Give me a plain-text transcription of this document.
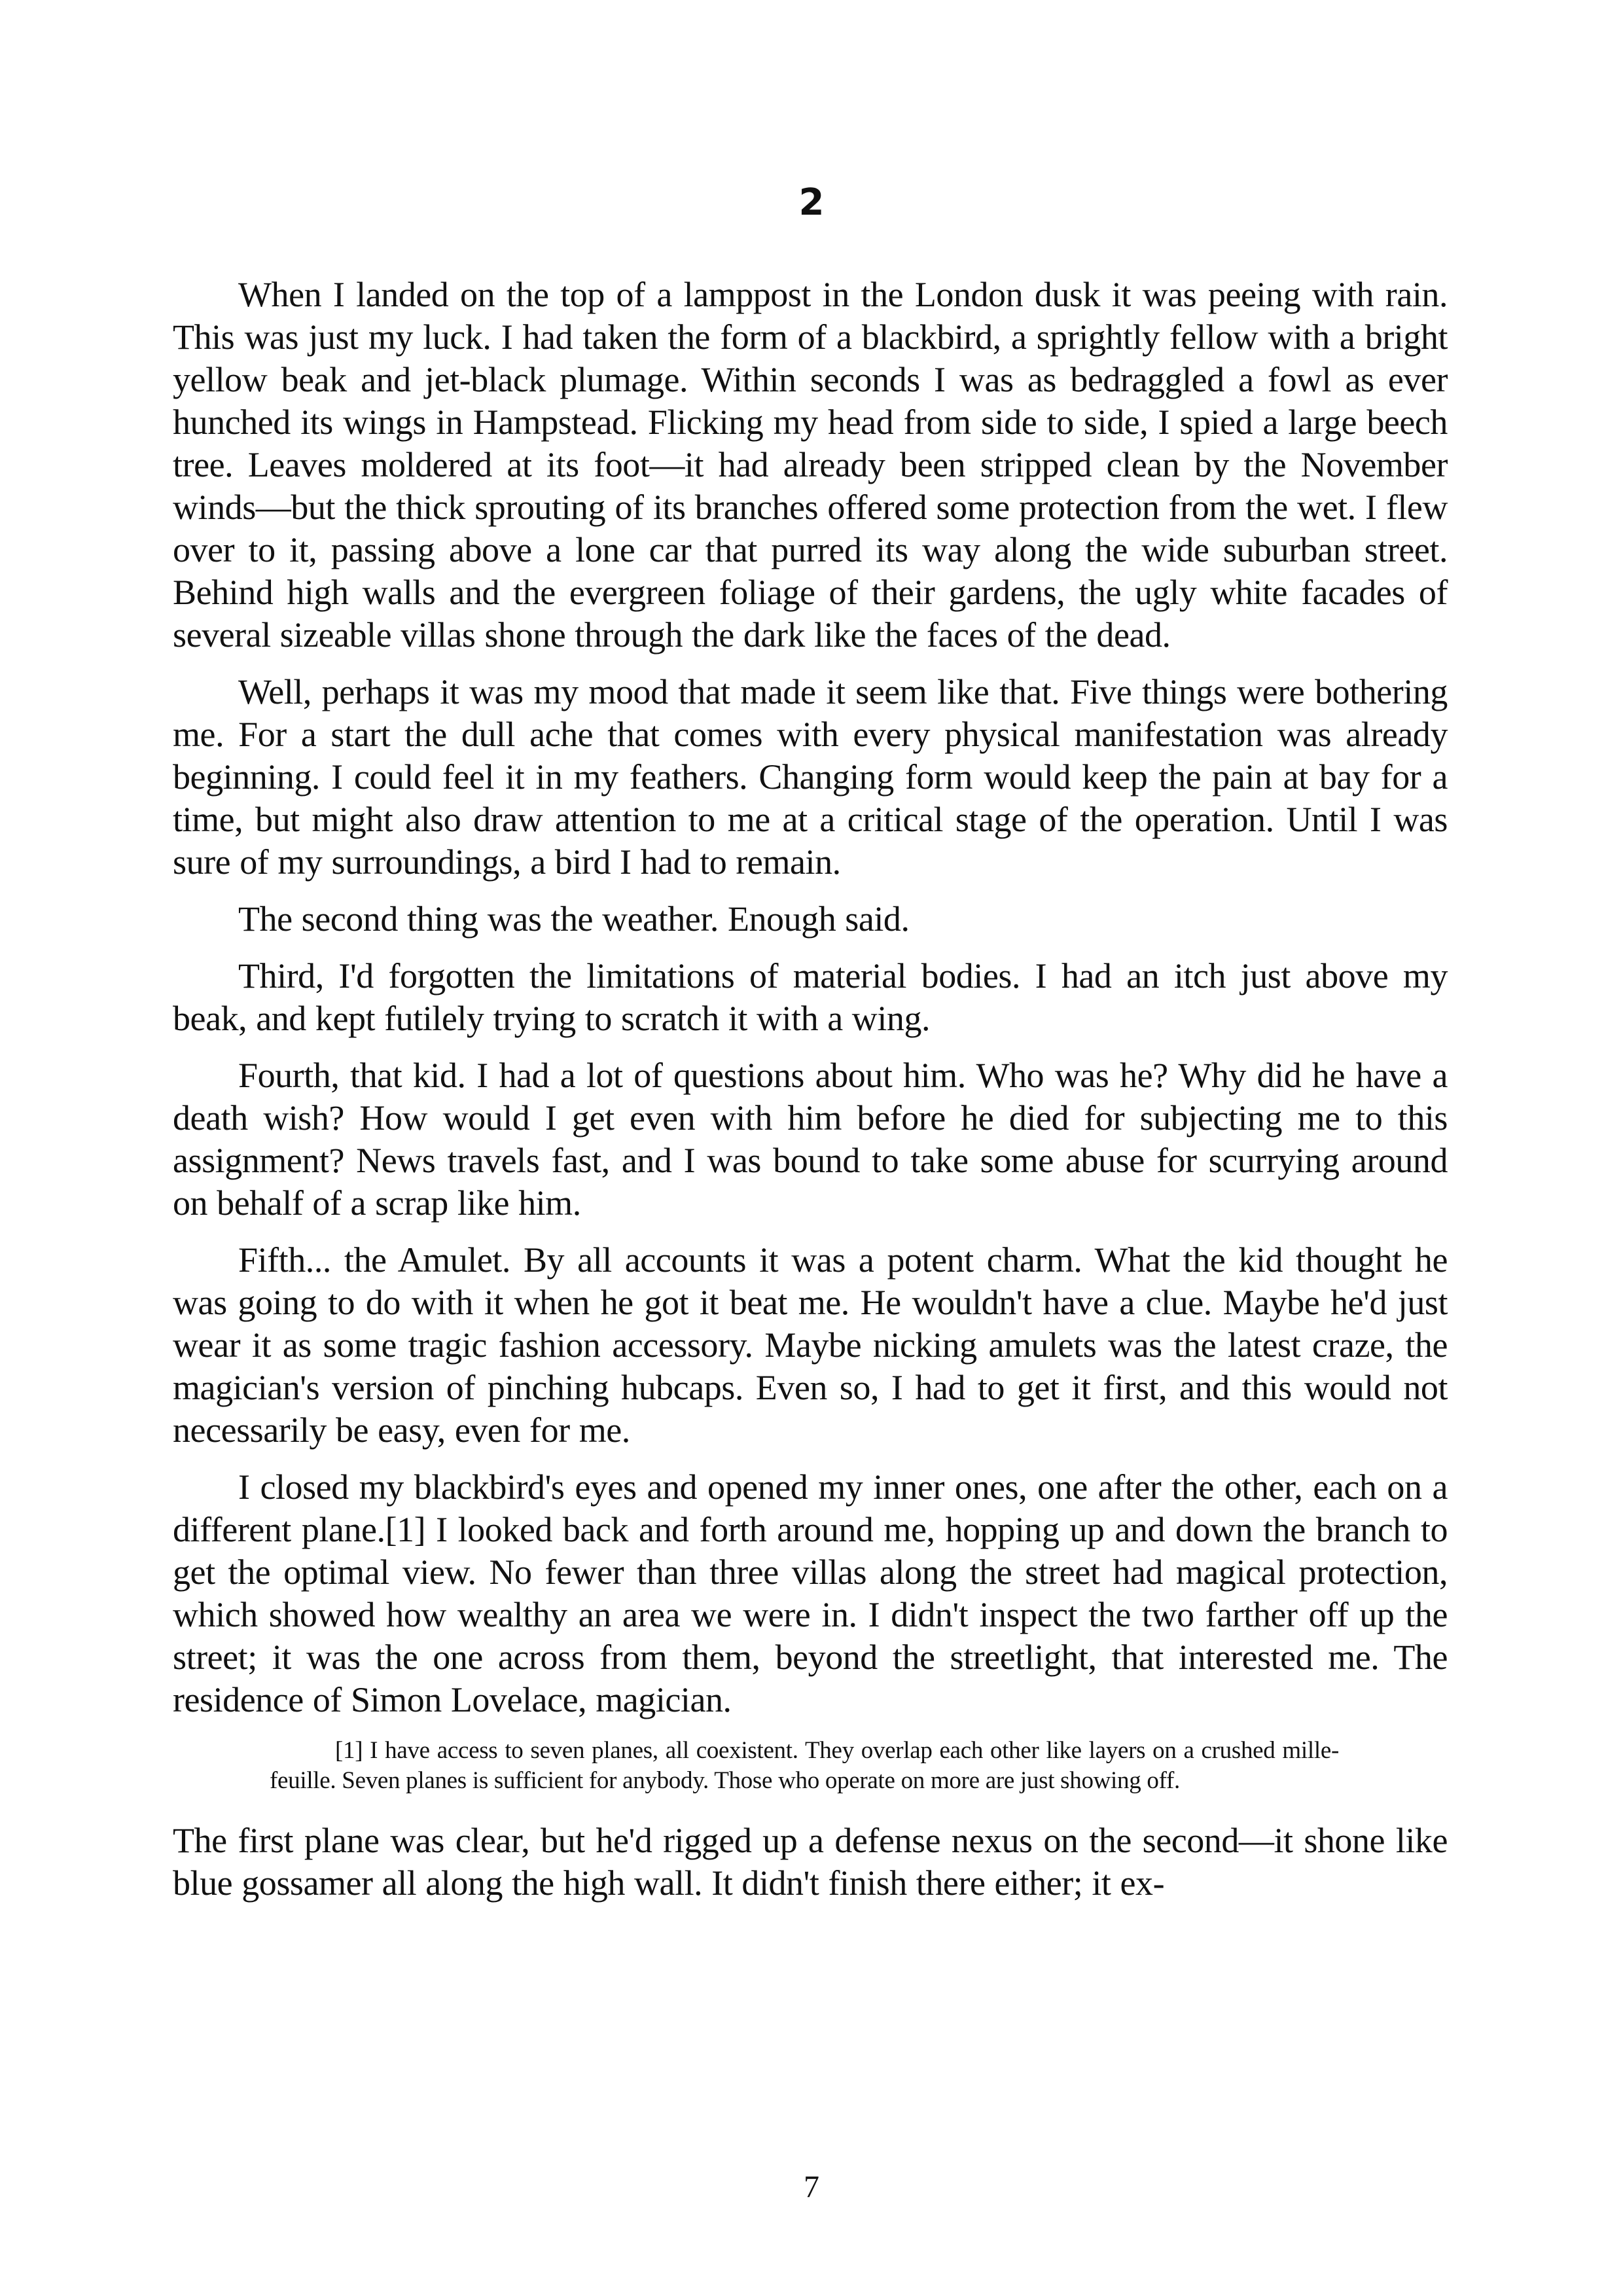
2

When I landed on the top of a lamppost in the London dusk it was peeing with rain. This was just my luck. I had taken the form of a blackbird, a sprightly fellow with a bright yellow beak and jet-black plumage. Within seconds I was as bedraggled a fowl as ever hunched its wings in Hampstead. Flicking my head from side to side, I spied a large beech tree. Leaves moldered at its foot—it had already been stripped clean by the November winds—but the thick sprouting of its branches offered some protection from the wet. I flew over to it, passing above a lone car that purred its way along the wide suburban street. Behind high walls and the evergreen foliage of their gardens, the ugly white facades of several sizeable villas shone through the dark like the faces of the dead.

Well, perhaps it was my mood that made it seem like that. Five things were bothering me. For a start the dull ache that comes with every physical manifestation was already beginning. I could feel it in my feathers. Changing form would keep the pain at bay for a time, but might also draw attention to me at a critical stage of the operation. Until I was sure of my surroundings, a bird I had to remain.

The second thing was the weather. Enough said.

Third, I'd forgotten the limitations of material bodies. I had an itch just above my beak, and kept futilely trying to scratch it with a wing.

Fourth, that kid. I had a lot of questions about him. Who was he? Why did he have a death wish? How would I get even with him before he died for subjecting me to this assignment? News travels fast, and I was bound to take some abuse for scurrying around on behalf of a scrap like him.

Fifth... the Amulet. By all accounts it was a potent charm. What the kid thought he was going to do with it when he got it beat me. He wouldn't have a clue. Maybe he'd just wear it as some tragic fashion accessory. Maybe nicking amulets was the latest craze, the magician's version of pinching hubcaps. Even so, I had to get it first, and this would not necessarily be easy, even for me.

I closed my blackbird's eyes and opened my inner ones, one after the other, each on a different plane.[1] I looked back and forth around me, hopping up and down the branch to get the optimal view. No fewer than three villas along the street had magical protection, which showed how wealthy an area we were in. I didn't inspect the two farther off up the street; it was the one across from them, beyond the streetlight, that interested me. The residence of Simon Lovelace, magician.

[1] I have access to seven planes, all coexistent. They overlap each other like layers on a crushed mille-feuille. Seven planes is sufficient for anybody. Those who operate on more are just showing off.

The first plane was clear, but he'd rigged up a defense nexus on the second—it shone like blue gossamer all along the high wall. It didn't finish there either; it ex-

7
